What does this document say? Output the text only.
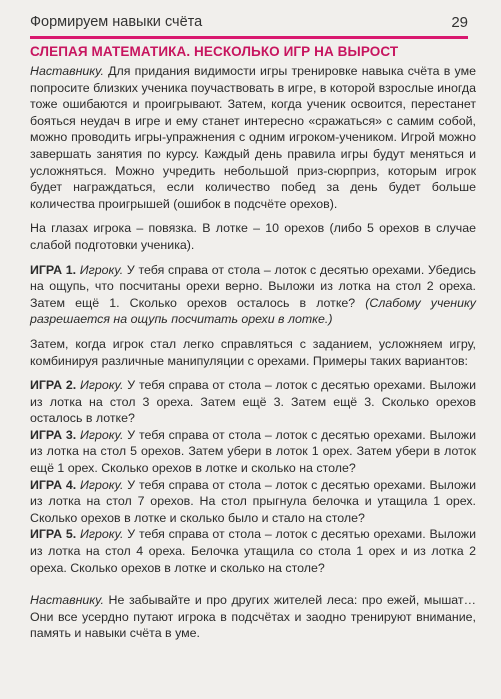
Формируем навыки счёта	29
СЛЕПАЯ МАТЕМАТИКА. НЕСКОЛЬКО ИГР НА ВЫРОСТ

Наставнику. Для придания видимости игры тренировке навыка счёта в уме попросите близких ученика поучаствовать в игре, в которой взрослые иногда тоже ошибаются и проигрывают. Затем, когда ученик освоится, перестанет бояться неудач в игре и ему станет интересно «сражаться» с самим собой, можно проводить игры-упражнения с одним игроком-учеником. Игрой можно завершать занятия по курсу. Каждый день правила игры будут меняться и усложняться. Можно учредить небольшой приз-сюрприз, которым игрок будет награждаться, если количество побед за день будет больше количества проигрышей (ошибок в подсчёте орехов).

На глазах игрока – повязка. В лотке – 10 орехов (либо 5 орехов в случае слабой подготовки ученика).

ИГРА 1. Игроку. У тебя справа от стола – лоток с десятью орехами. Убедись на ощупь, что посчитаны орехи верно. Выложи из лотка на стол 2 ореха. Затем ещё 1. Сколько орехов осталось в лотке? (Слабому ученику разрешается на ощупь посчитать орехи в лотке.)

Затем, когда игрок стал легко справляться с заданием, усложняем игру, комбинируя различные манипуляции с орехами. Примеры таких вариантов:

ИГРА 2. Игроку. У тебя справа от стола – лоток с десятью орехами. Выложи из лотка на стол 3 ореха. Затем ещё 3. Затем ещё 3. Сколько орехов осталось в лотке?

ИГРА 3. Игроку. У тебя справа от стола – лоток с десятью орехами. Выложи из лотка на стол 5 орехов. Затем убери в лоток 1 орех. Затем убери в лоток ещё 1 орех. Сколько орехов в лотке и сколько на столе?

ИГРА 4. Игроку. У тебя справа от стола – лоток с десятью орехами. Выложи из лотка на стол 7 орехов. На стол прыгнула белочка и утащила 1 орех. Сколько орехов в лотке и сколько было и стало на столе?

ИГРА 5. Игроку. У тебя справа от стола – лоток с десятью орехами. Выложи из лотка на стол 4 ореха. Белочка утащила со стола 1 орех и из лотка 2 ореха. Сколько орехов в лотке и сколько на столе?

Наставнику. Не забывайте и про других жителей леса: про ежей, мышат… Они все усердно путают игрока в подсчётах и заодно тренируют внимание, память и навыки счёта в уме.
